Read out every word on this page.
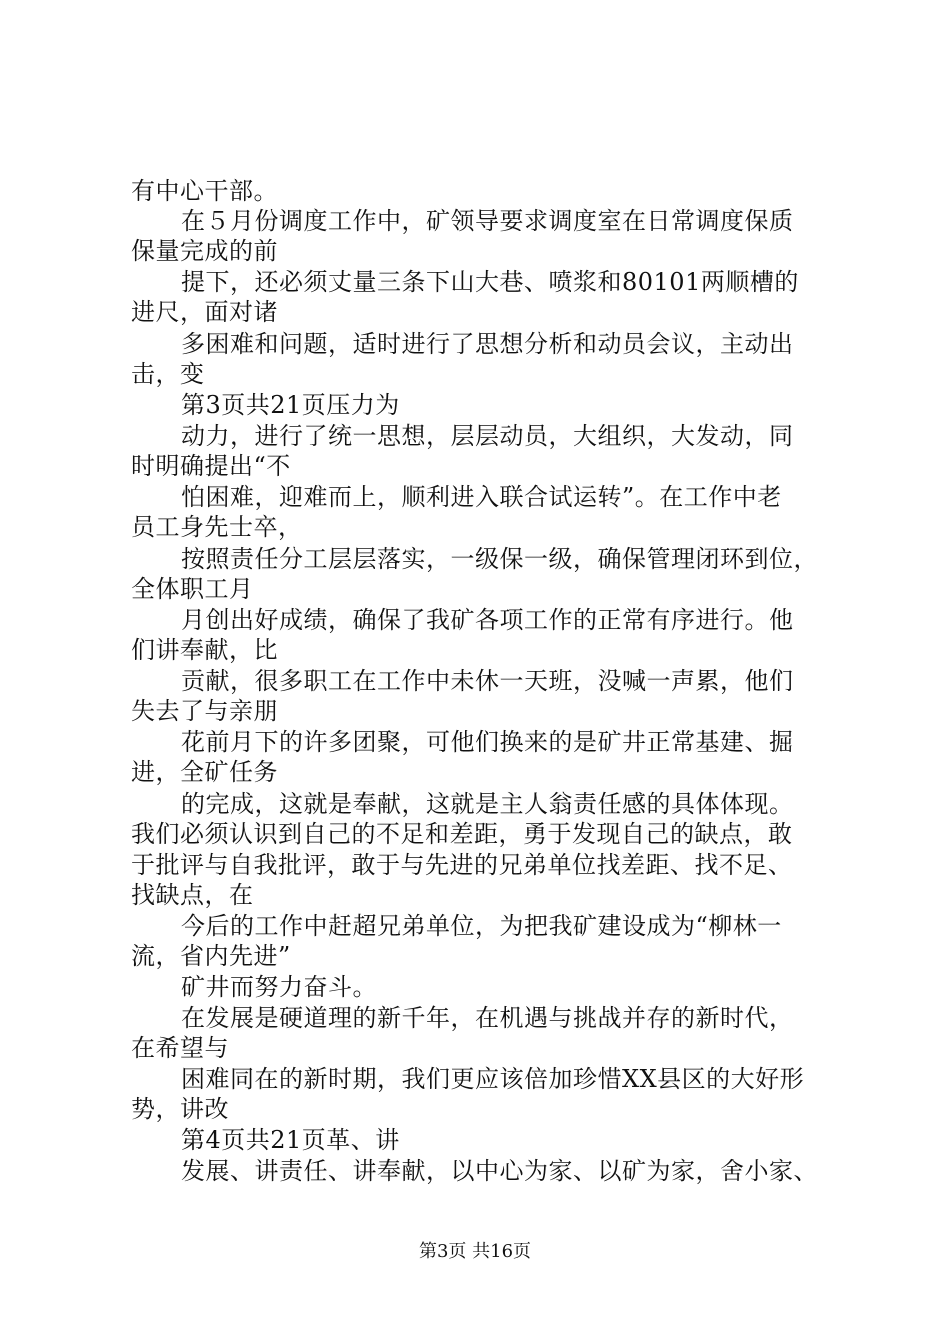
有中心干部。
在５月份调度工作中，矿领导要求调度室在日常调度保质
保量完成的前
提下，还必须丈量三条下山大巷、喷浆和80101两顺槽的
进尺，面对诸
多困难和问题，适时进行了思想分析和动员会议，主动出
击，变
第3页共21页压力为
动力，进行了统一思想，层层动员，大组织，大发动，同
时明确提出“不
怕困难，迎难而上，顺利进入联合试运转”。在工作中老
员工身先士卒，
按照责任分工层层落实，一级保一级，确保管理闭环到位，
全体职工月
月创出好成绩，确保了我矿各项工作的正常有序进行。他
们讲奉献，比
贡献，很多职工在工作中未休一天班，没喊一声累，他们
失去了与亲朋
花前月下的许多团聚，可他们换来的是矿井正常基建、掘
进，全矿任务
的完成，这就是奉献，这就是主人翁责任感的具体体现。
我们必须认识到自己的不足和差距，勇于发现自己的缺点，敢
于批评与自我批评，敢于与先进的兄弟单位找差距、找不足、
找缺点，在
今后的工作中赶超兄弟单位，为把我矿建设成为“柳林一
流，省内先进”
矿井而努力奋斗。
在发展是硬道理的新千年，在机遇与挑战并存的新时代，
在希望与
困难同在的新时期，我们更应该倍加珍惜XX县区的大好形
势，讲改
第4页共21页革、讲
发展、讲责任、讲奉献，以中心为家、以矿为家，舍小家、
第3页 共16页
